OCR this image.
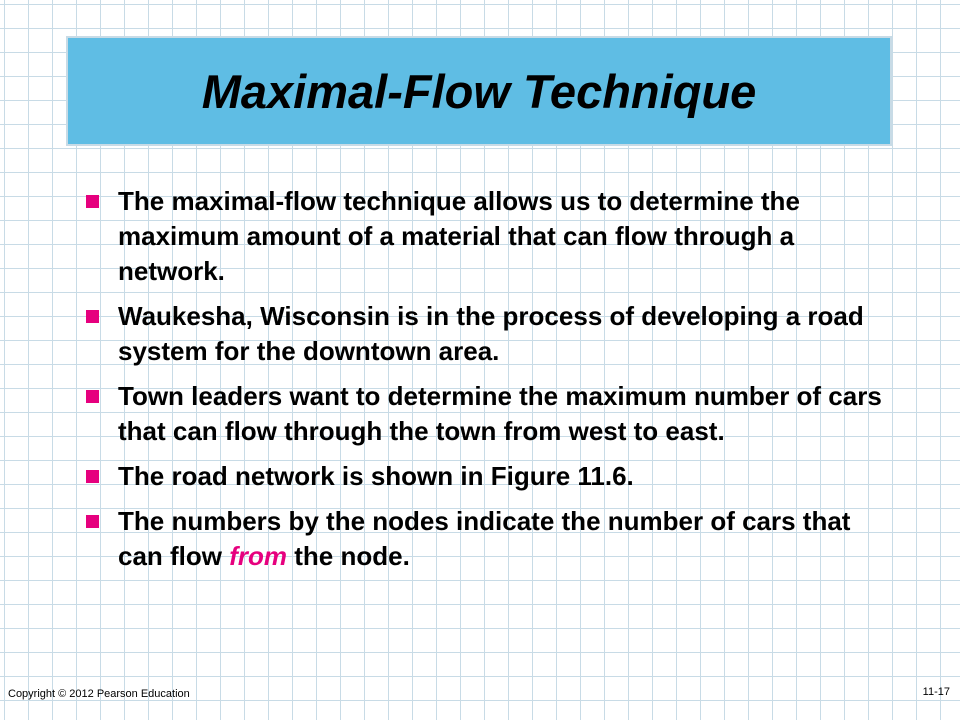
Maximal-Flow Technique
The maximal-flow technique allows us to determine the maximum amount of a material that can flow through a network.
Waukesha, Wisconsin is in the process of developing a road system for the downtown area.
Town leaders want to determine the maximum number of cars that can flow through the town from west to east.
The road network is shown in Figure 11.6.
The numbers by the nodes indicate the number of cars that can flow from the node.
Copyright © 2012 Pearson Education	11-17
